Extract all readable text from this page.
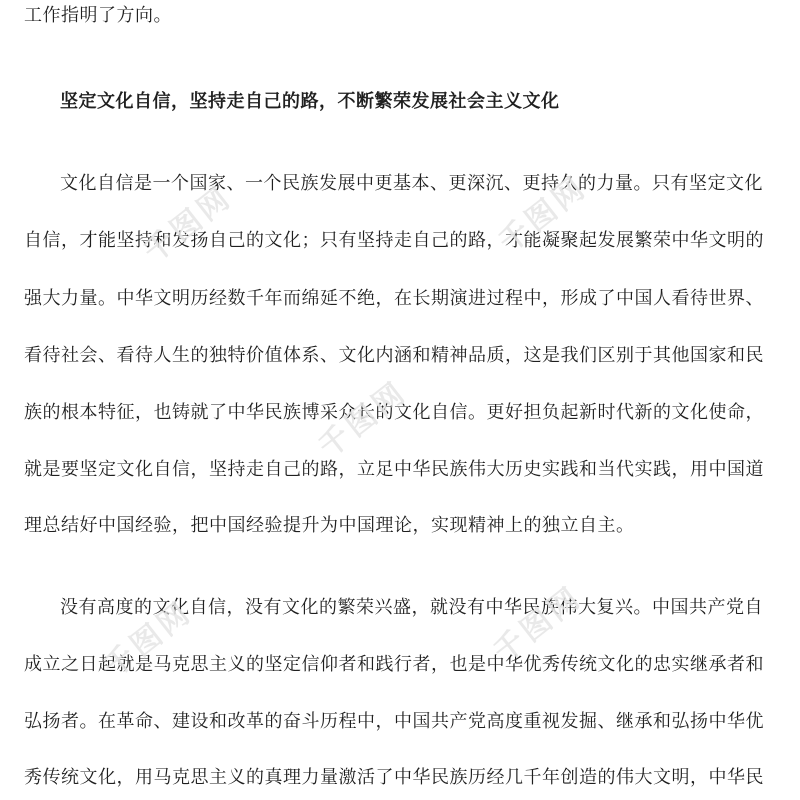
工作指明了方向。
坚定文化自信，坚持走自己的路，不断繁荣发展社会主义文化
文化自信是一个国家、一个民族发展中更基本、更深沉、更持久的力量。只有坚定文化
自信，才能坚持和发扬自己的文化；只有坚持走自己的路，才能凝聚起发展繁荣中华文明的
强大力量。中华文明历经数千年而绵延不绝，在长期演进过程中，形成了中国人看待世界、
看待社会、看待人生的独特价值体系、文化内涵和精神品质，这是我们区别于其他国家和民
族的根本特征，也铸就了中华民族博采众长的文化自信。更好担负起新时代新的文化使命，
就是要坚定文化自信，坚持走自己的路，立足中华民族伟大历史实践和当代实践，用中国道
理总结好中国经验，把中国经验提升为中国理论，实现精神上的独立自主。
没有高度的文化自信，没有文化的繁荣兴盛，就没有中华民族伟大复兴。中国共产党自
成立之日起就是马克思主义的坚定信仰者和践行者，也是中华优秀传统文化的忠实继承者和
弘扬者。在革命、建设和改革的奋斗历程中，中国共产党高度重视发掘、继承和弘扬中华优
秀传统文化，用马克思主义的真理力量激活了中华民族历经几千年创造的伟大文明，中华民
千图网	千图网
千图网
千图网	千图网
